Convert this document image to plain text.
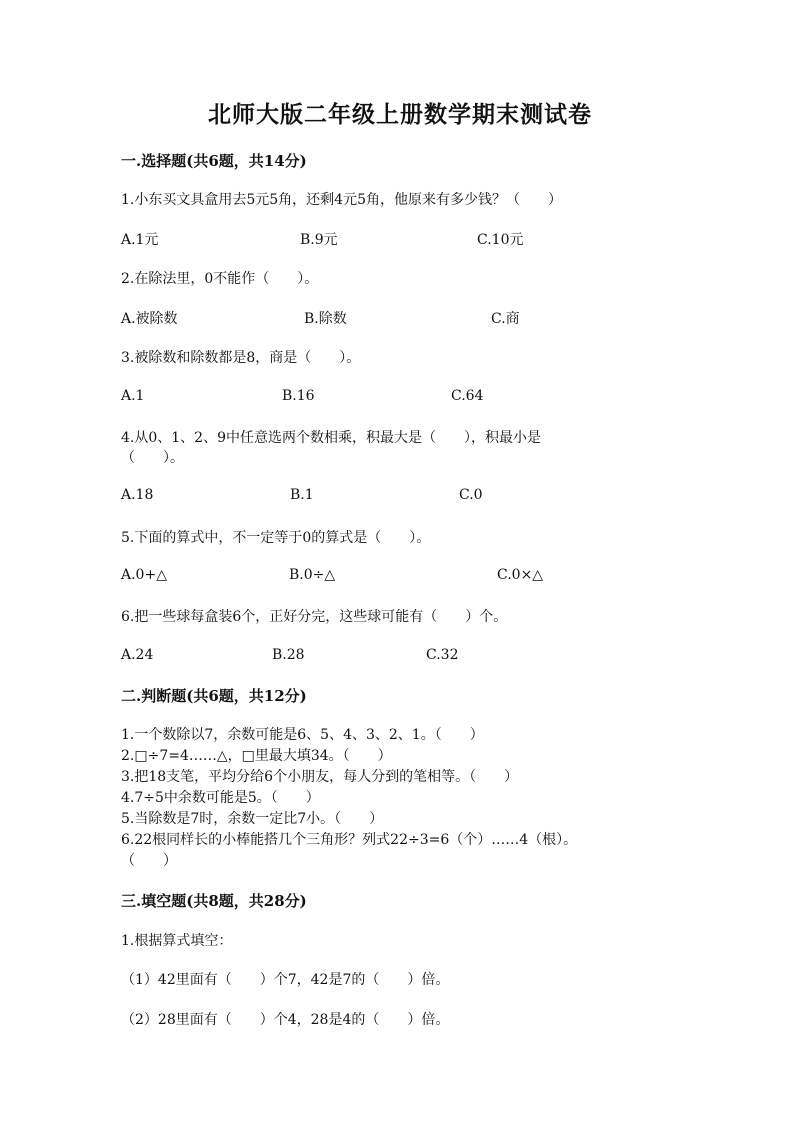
北师大版二年级上册数学期末测试卷
一.选择题(共6题，共14分)
1.小东买文具盒用去5元5角，还剩4元5角，他原来有多少钱？（　　）
A.1元	B.9元	C.10元
2.在除法里，0不能作（　　）。
A.被除数	B.除数	C.商
3.被除数和除数都是8，商是（　　）。
A.1	B.16	C.64
4.从0、1、2、9中任意选两个数相乘，积最大是（　　），积最小是
（　　）。
A.18	B.1	C.0
5.下面的算式中，不一定等于0的算式是（　　）。
A.0+△	B.0÷△	C.0×△
6.把一些球每盒装6个，正好分完，这些球可能有（　　）个。
A.24	B.28	C.32
二.判断题(共6题，共12分)
1.一个数除以7，余数可能是6、5、4、3、2、1。（　　）
2.□÷7=4……△，□里最大填34。（　　）
3.把18支笔，平均分给6个小朋友，每人分到的笔相等。（　　）
4.7÷5中余数可能是5。（　　）
5.当除数是7时，余数一定比7小。（　　）
6.22根同样长的小棒能搭几个三角形？列式22÷3=6（个）……4（根）。
（　　）
三.填空题(共8题，共28分)
1.根据算式填空：
（1）42里面有（　　）个7，42是7的（　　）倍。
（2）28里面有（　　）个4，28是4的（　　）倍。
